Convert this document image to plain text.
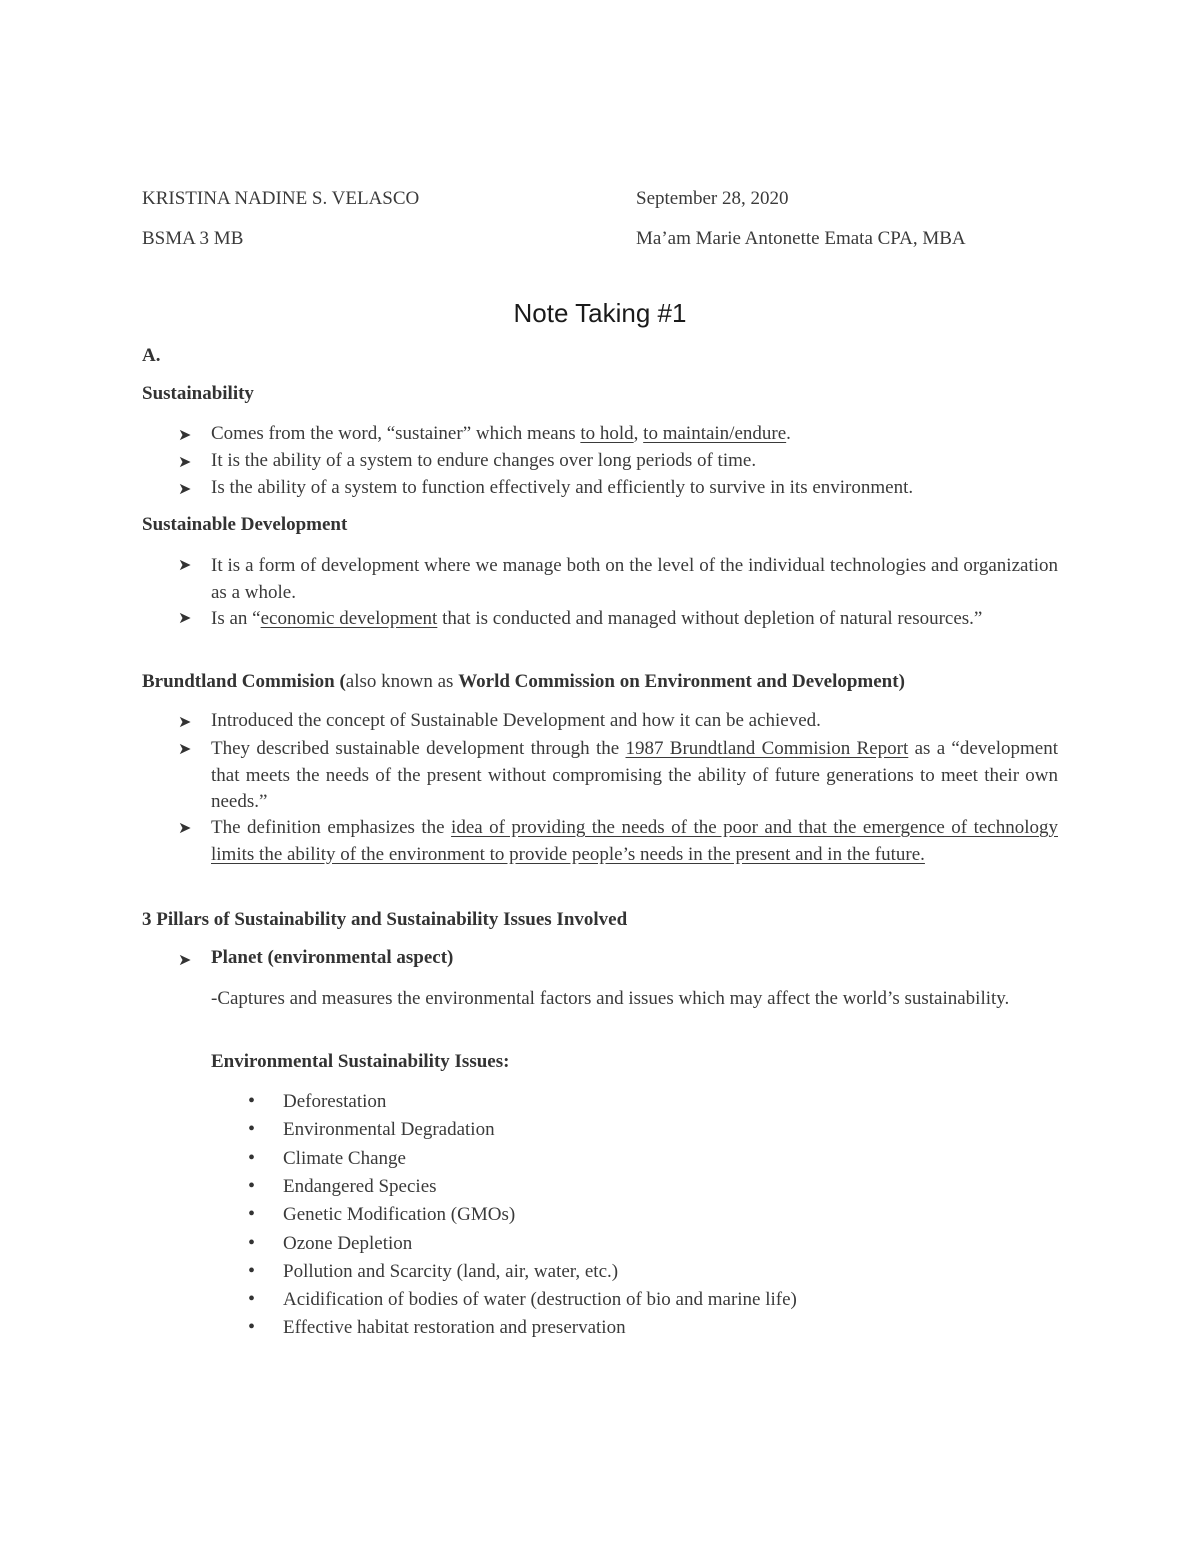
KRISTINA NADINE S. VELASCO
BSMA 3 MB
September 28, 2020
Ma’am Marie Antonette Emata CPA, MBA
Note Taking #1
A.
Sustainability
➤ Comes from the word, “sustainer” which means to hold, to maintain/endure.
➤ It is the ability of a system to endure changes over long periods of time.
➤ Is the ability of a system to function effectively and efficiently to survive in its environment.
Sustainable Development
➤ It is a form of development where we manage both on the level of the individual technologies and organization as a whole.
➤ Is an “economic development that is conducted and managed without depletion of natural resources.”
Brundtland Commision (also known as World Commission on Environment and Development)
➤ Introduced the concept of Sustainable Development and how it can be achieved.
➤ They described sustainable development through the 1987 Brundtland Commision Report as a “development that meets the needs of the present without compromising the ability of future generations to meet their own needs.”
➤ The definition emphasizes the idea of providing the needs of the poor and that the emergence of technology limits the ability of the environment to provide people’s needs in the present and in the future.
3 Pillars of Sustainability and Sustainability Issues Involved
➤ Planet (environmental aspect)
-Captures and measures the environmental factors and issues which may affect the world’s sustainability.
Environmental Sustainability Issues:
• Deforestation
• Environmental Degradation
• Climate Change
• Endangered Species
• Genetic Modification (GMOs)
• Ozone Depletion
• Pollution and Scarcity (land, air, water, etc.)
• Acidification of bodies of water (destruction of bio and marine life)
• Effective habitat restoration and preservation
